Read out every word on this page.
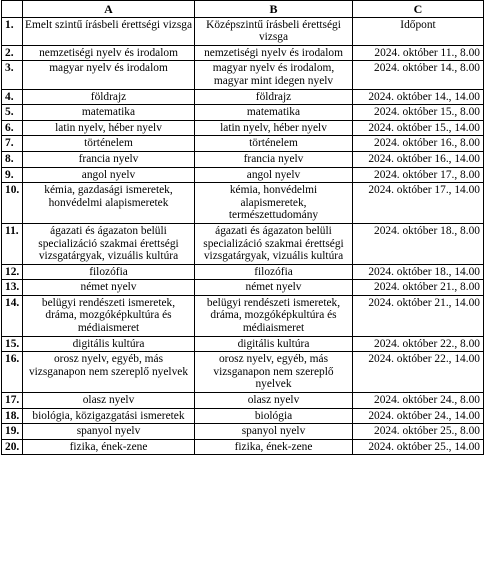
	A	B	C
1.	Emelt szintű írásbeli érettségi vizsga	Középszintű írásbeli érettségi vizsga	Időpont
2.	nemzetiségi nyelv és irodalom	nemzetiségi nyelv és irodalom	2024. október 11., 8.00
3.	magyar nyelv és irodalom	magyar nyelv és irodalom, magyar mint idegen nyelv	2024. október 14., 8.00
4.	földrajz	földrajz	2024. október 14., 14.00
5.	matematika	matematika	2024. október 15., 8.00
6.	latin nyelv, héber nyelv	latin nyelv, héber nyelv	2024. október 15., 14.00
7.	történelem	történelem	2024. október 16., 8.00
8.	francia nyelv	francia nyelv	2024. október 16., 14.00
9.	angol nyelv	angol nyelv	2024. október 17., 8.00
10.	kémia, gazdasági ismeretek, honvédelmi alapismeretek	kémia, honvédelmi alapismeretek, természettudomány	2024. október 17., 14.00
11.	ágazati és ágazaton belüli specializáció szakmai érettségi vizsgatárgyak, vizuális kultúra	ágazati és ágazaton belüli specializáció szakmai érettségi vizsgatárgyak, vizuális kultúra	2024. október 18., 8.00
12.	filozófia	filozófia	2024. október 18., 14.00
13.	német nyelv	német nyelv	2024. október 21., 8.00
14.	belügyi rendészeti ismeretek, dráma, mozgóképkultúra és médiaismeret	belügyi rendészeti ismeretek, dráma, mozgóképkultúra és médiaismeret	2024. október 21., 14.00
15.	digitális kultúra	digitális kultúra	2024. október 22., 8.00
16.	orosz nyelv, egyéb, más vizsganapon nem szereplő nyelvek	orosz nyelv, egyéb, más vizsganapon nem szereplő nyelvek	2024. október 22., 14.00
17.	olasz nyelv	olasz nyelv	2024. október 24., 8.00
18.	biológia, közigazgatási ismeretek	biológia	2024. október 24., 14.00
19.	spanyol nyelv	spanyol nyelv	2024. október 25., 8.00
20.	fizika, ének-zene	fizika, ének-zene	2024. október 25., 14.00
